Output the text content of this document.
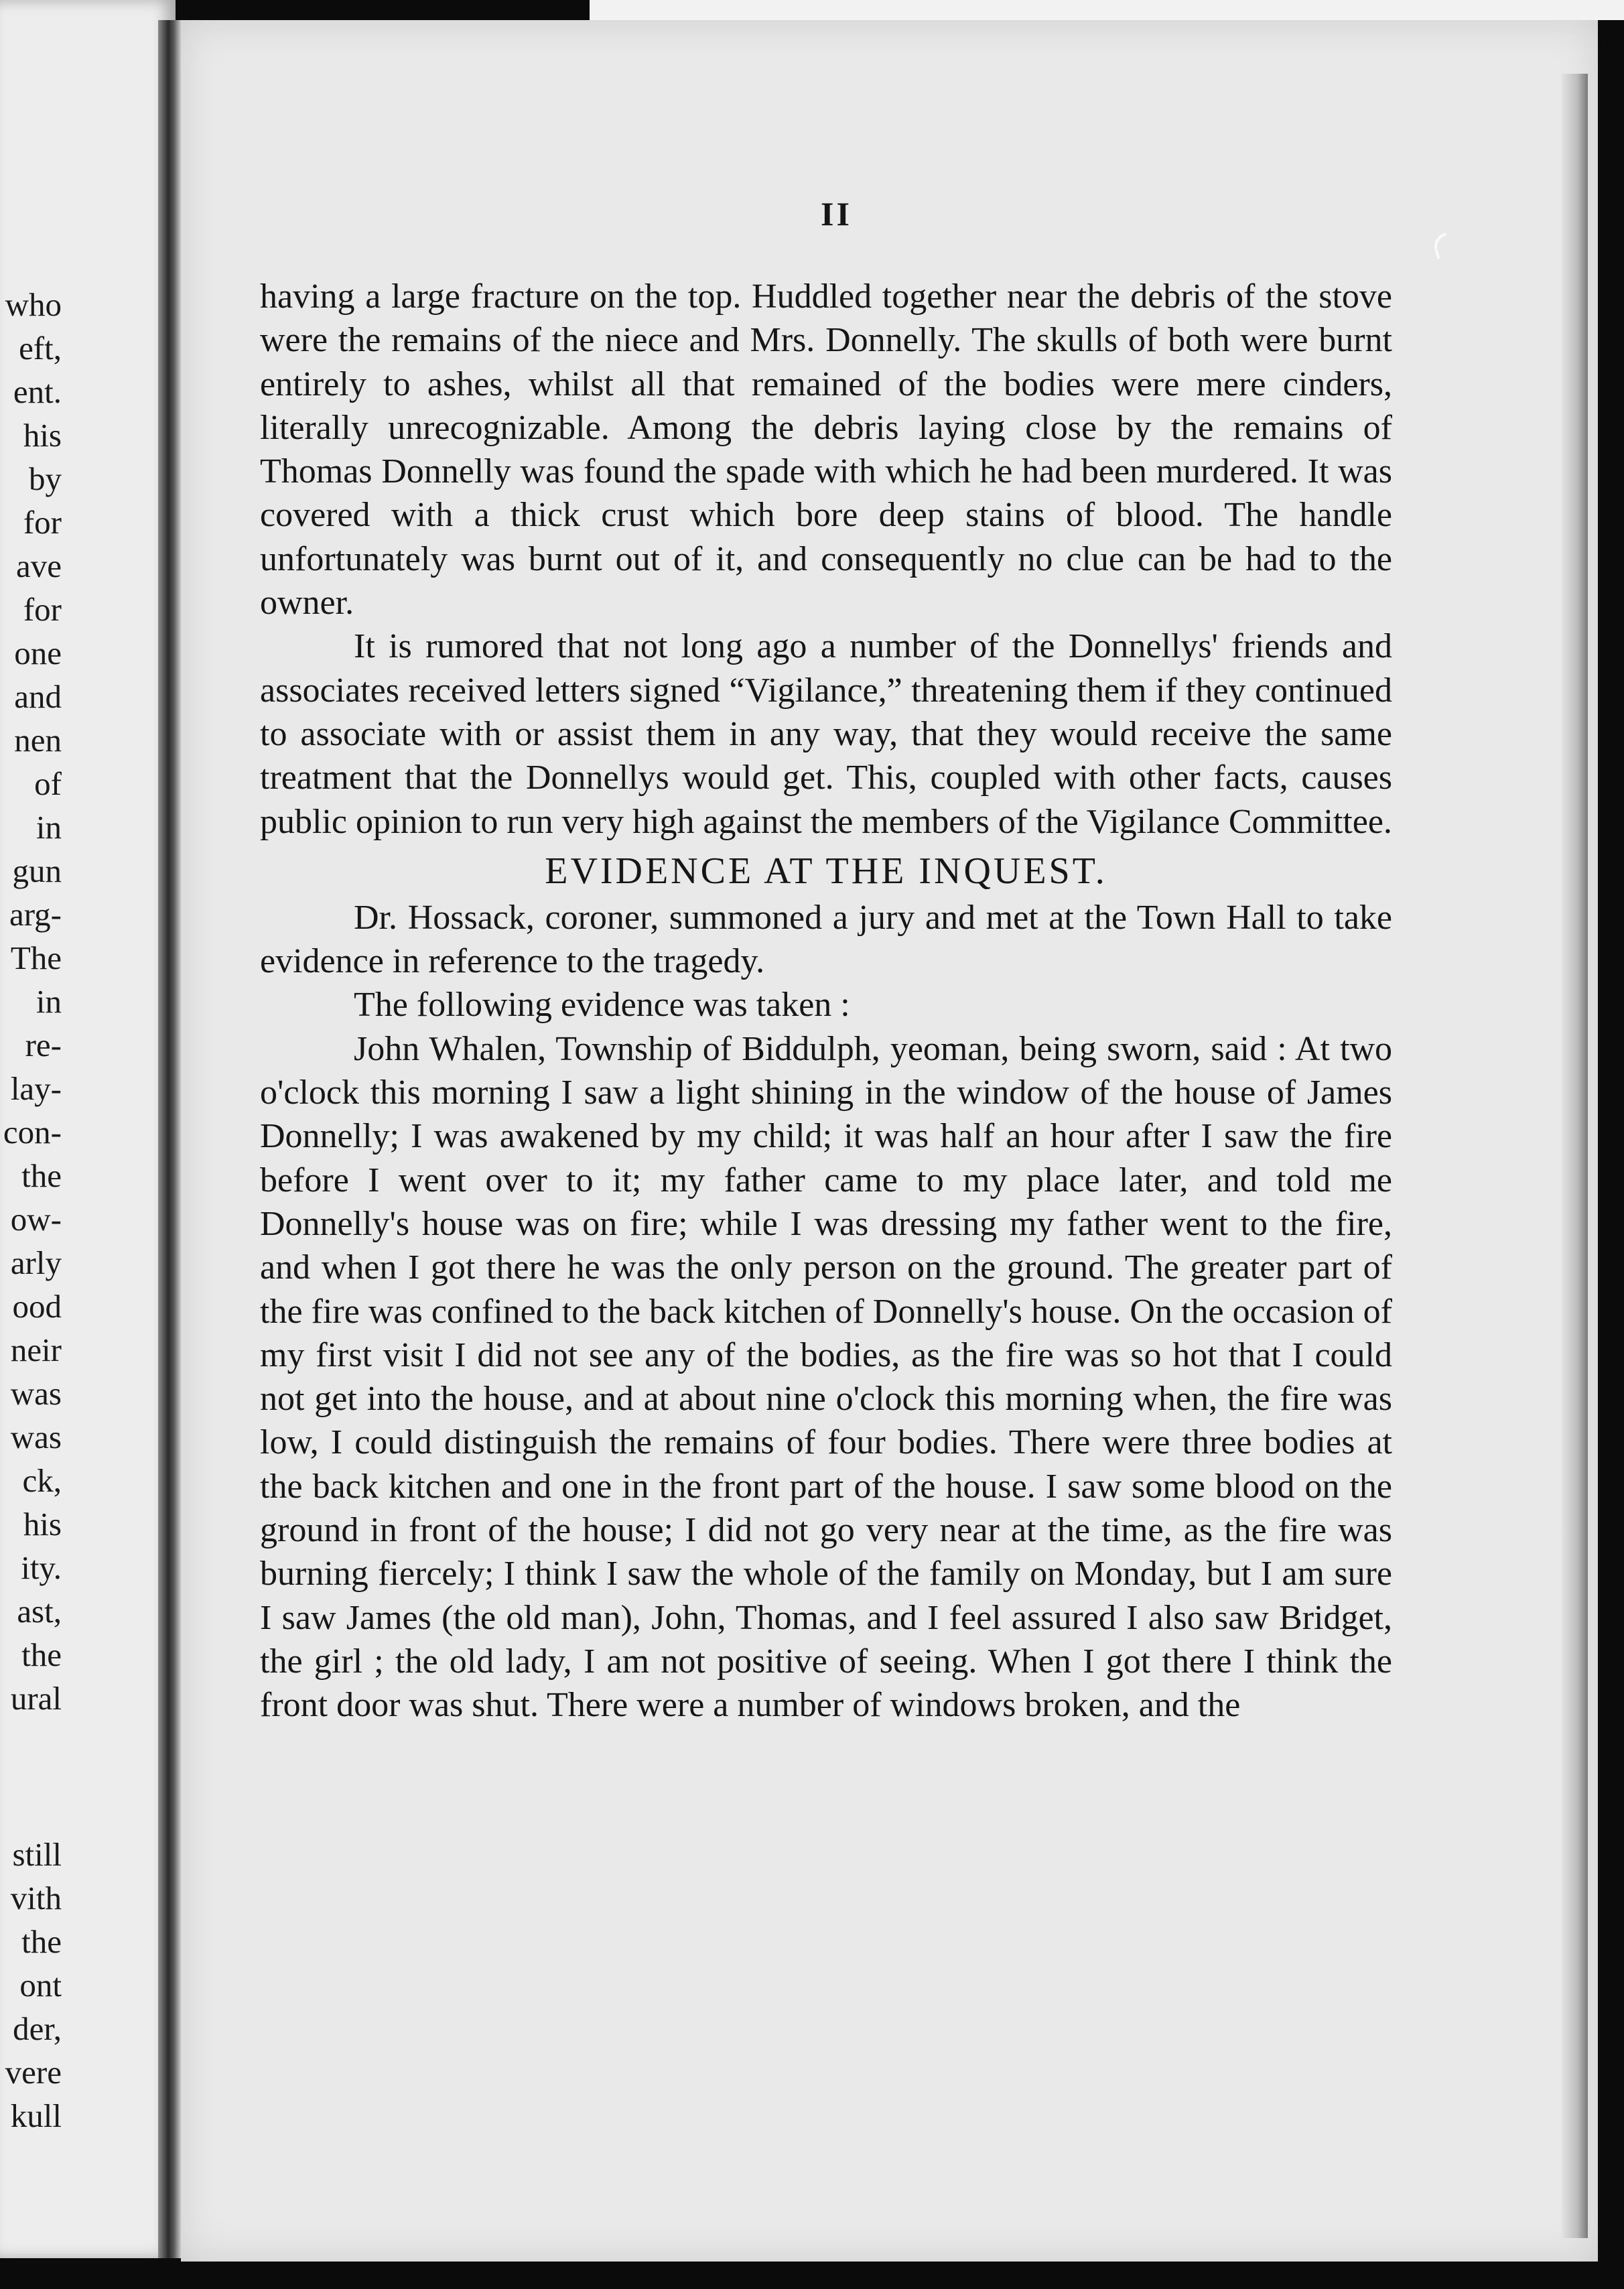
who
eft,
ent.
his
by
for
ave
for
one
and
nen
of
in
gun
arg-
The
in
re-
lay-
con-
the
ow-
arly
ood
neir
was
was
ck,
his
ity.
ast,
the
ural
still
vith
the
ont
der,
vere
kull
II

having a large fracture on the top. Huddled together near the debris of the stove were the remains of the niece and Mrs. Donnelly. The skulls of both were burnt entirely to ashes, whilst all that remained of the bodies were mere cinders, literally unrecognizable. Among the debris laying close by the remains of Thomas Donnelly was found the spade with which he had been murdered. It was covered with a thick crust which bore deep stains of blood. The handle unfortunately was burnt out of it, and consequently no clue can be had to the owner.

It is rumored that not long ago a number of the Donnellys' friends and associates received letters signed “Vigilance,” threatening them if they continued to associate with or assist them in any way, that they would receive the same treatment that the Donnellys would get. This, coupled with other facts, causes public opinion to run very high against the members of the Vigilance Committee.

EVIDENCE AT THE INQUEST.

Dr. Hossack, coroner, summoned a jury and met at the Town Hall to take evidence in reference to the tragedy.

The following evidence was taken :

John Whalen, Township of Biddulph, yeoman, being sworn, said : At two o'clock this morning I saw a light shining in the window of the house of James Donnelly; I was awakened by my child; it was half an hour after I saw the fire before I went over to it; my father came to my place later, and told me Donnelly's house was on fire; while I was dressing my father went to the fire, and when I got there he was the only person on the ground. The greater part of the fire was confined to the back kitchen of Donnelly's house. On the occasion of my first visit I did not see any of the bodies, as the fire was so hot that I could not get into the house, and at about nine o'clock this morning when, the fire was low, I could distinguish the remains of four bodies. There were three bodies at the back kitchen and one in the front part of the house. I saw some blood on the ground in front of the house; I did not go very near at the time, as the fire was burning fiercely; I think I saw the whole of the family on Monday, but I am sure I saw James (the old man), John, Thomas, and I feel assured I also saw Bridget, the girl ; the old lady, I am not positive of seeing. When I got there I think the front door was shut. There were a number of windows broken, and the
